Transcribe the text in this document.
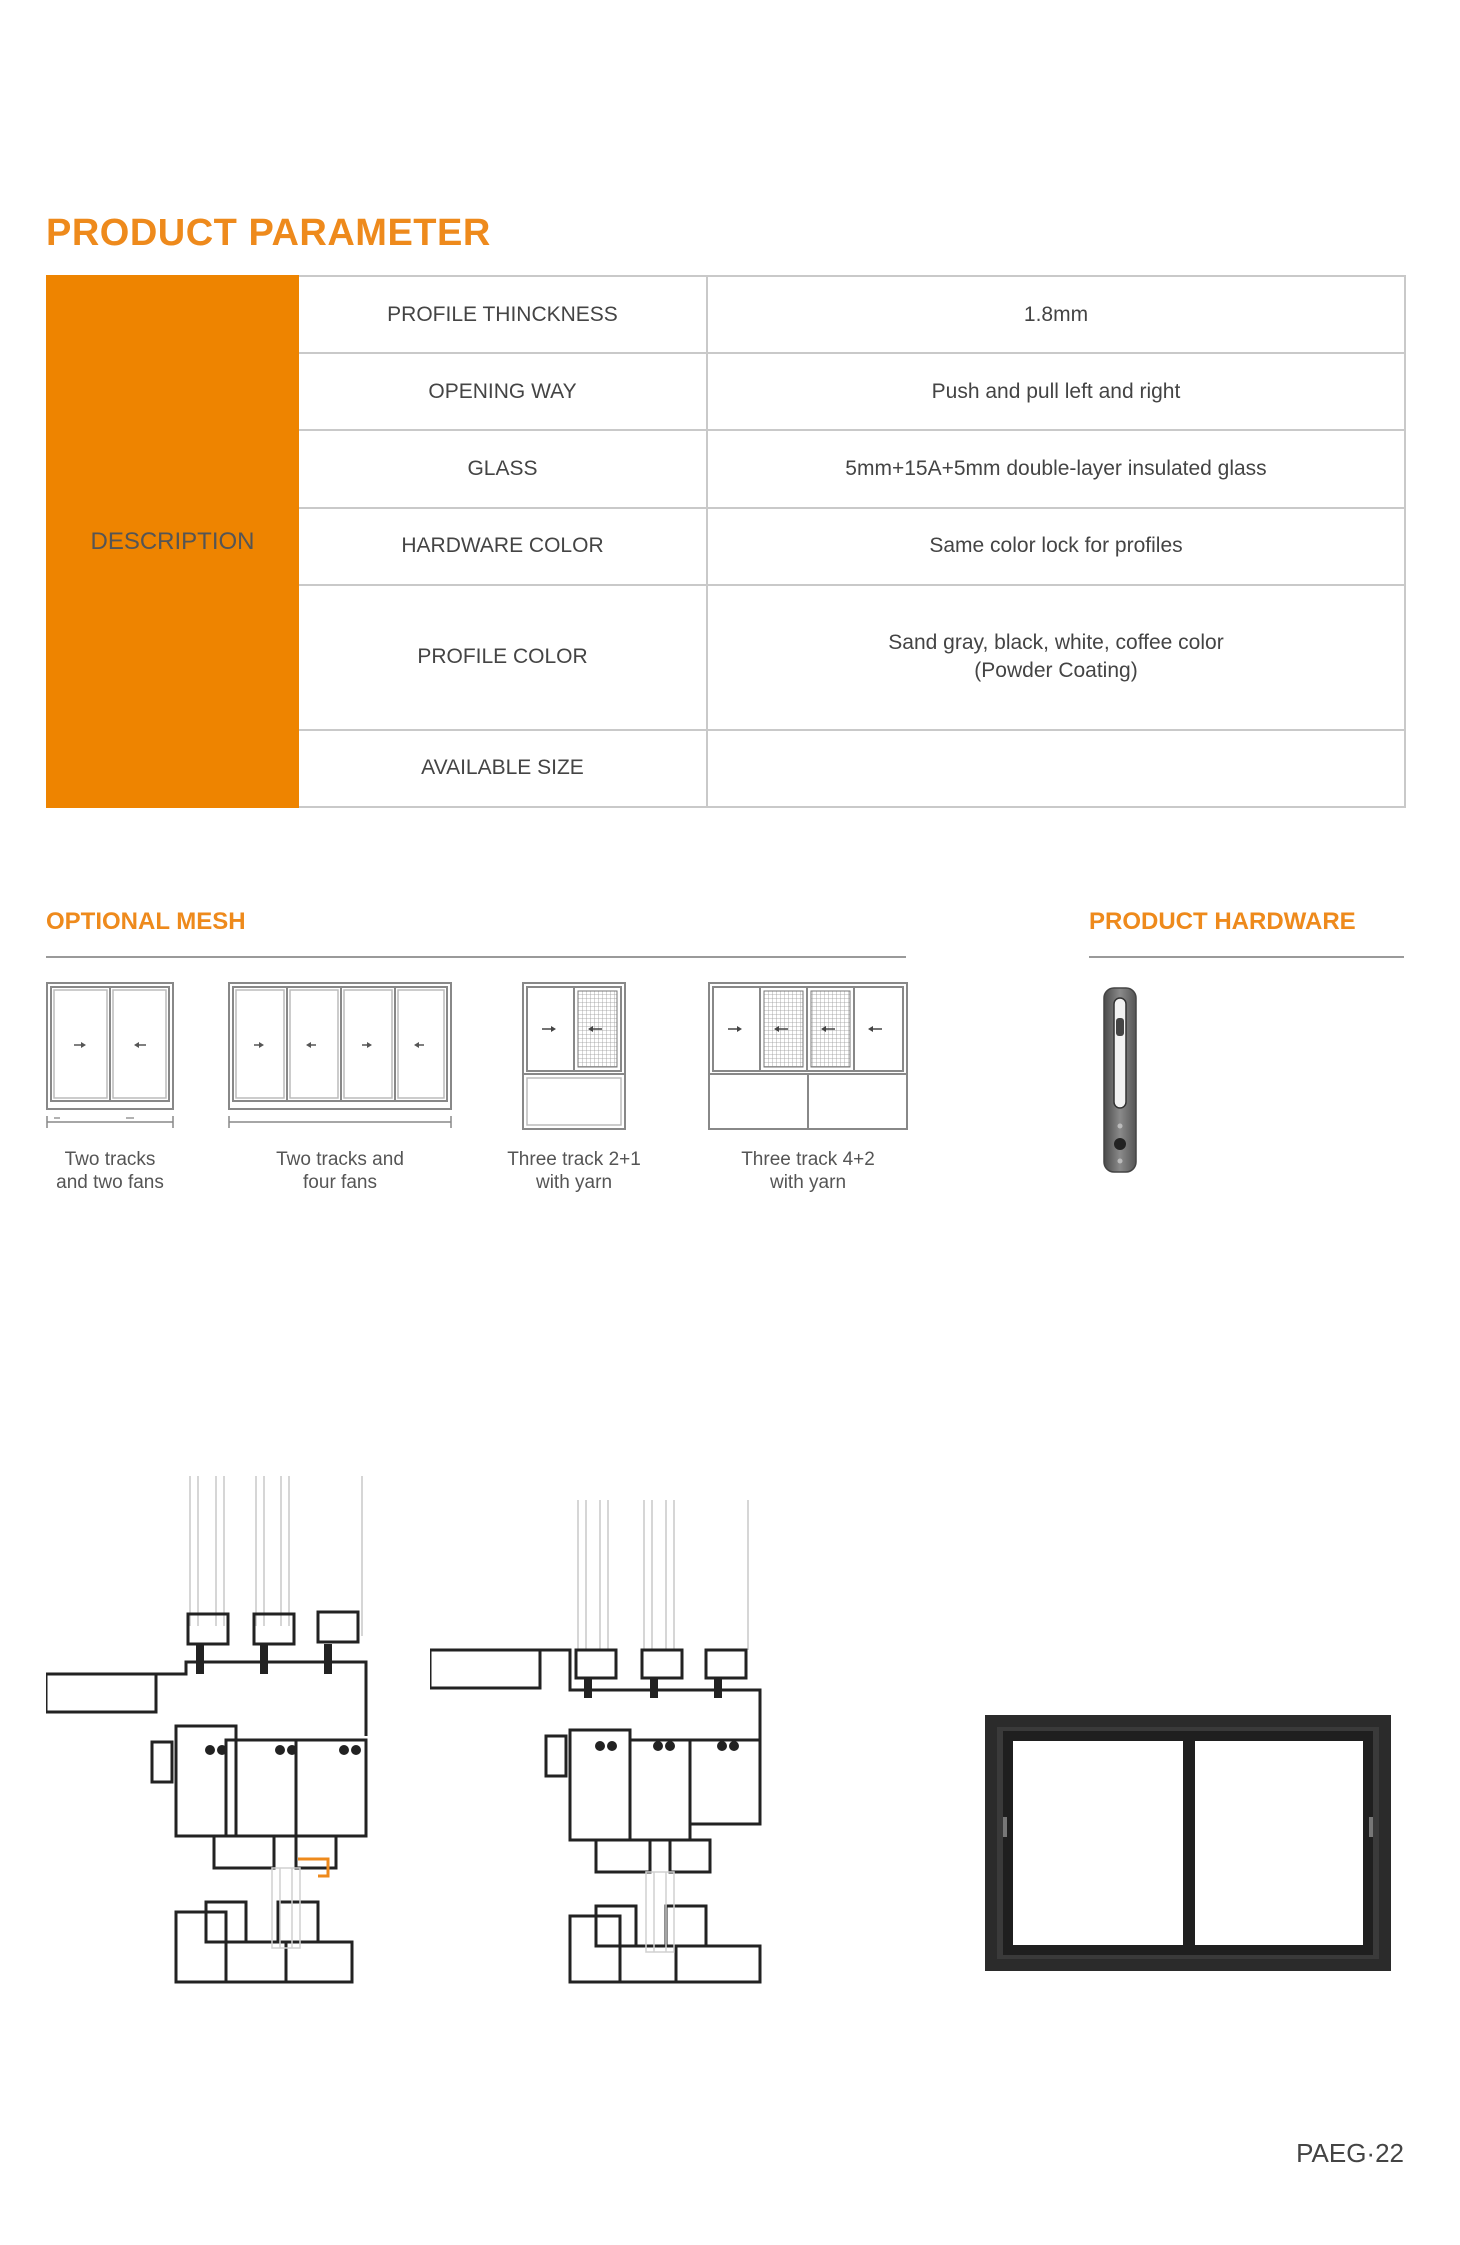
PRODUCT PARAMETER
DESCRIPTION	PROFILE THINCKNESS	1.8mm
	OPENING WAY	Push and pull left and right
	GLASS	5mm+15A+5mm double-layer insulated glass
	HARDWARE COLOR	Same color lock for profiles
	PROFILE COLOR	Sand gray, black, white, coffee color
(Powder Coating)
	AVAILABLE SIZE	
OPTIONAL MESH
Two tracks
and two fans
Two tracks and
four fans
Three track 2+1
with yarn
Three track 4+2
with yarn
PRODUCT HARDWARE
PAEG·22
